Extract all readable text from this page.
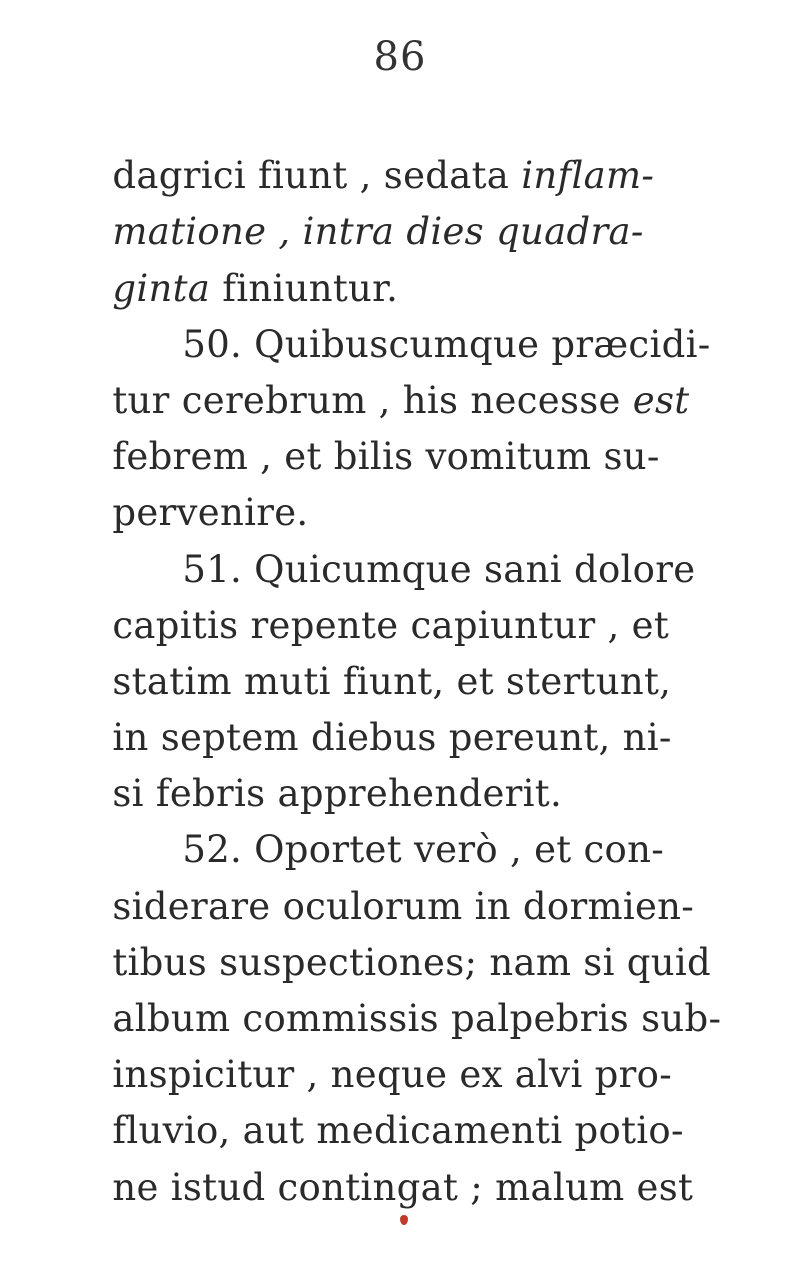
86

dagrici fiunt , sedata inflam-

matione , intra dies quadra-

ginta finiuntur.

50. Quibuscumque præcidi-

tur cerebrum , his necesse est

febrem , et bilis vomitum su-

pervenire.

51. Quicumque sani dolore

capitis repente capiuntur , et

statim muti fiunt, et stertunt,

in septem diebus pereunt, ni-

si febris apprehenderit.

52. Oportet verò , et con-

siderare oculorum in dormien-

tibus suspectiones; nam si quid

album commissis palpebris sub-

inspicitur , neque ex alvi pro-

fluvio, aut medicamenti potio-

ne istud contingat ; malum est
